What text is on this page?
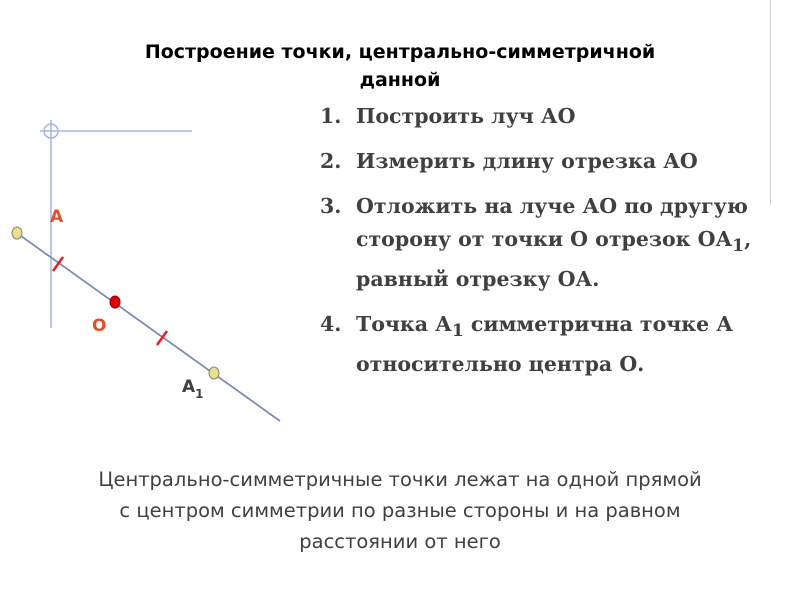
Построение точки, центрально-симметричной
данной
A
O
$A_1$
1. Построить луч АО
2. Измерить длину отрезка АО
3. Отложить на луче АО по другую сторону от точки О отрезок $ОА_1$, равный отрезку ОА.
4. Точка $А_1$ симметрична точке А относительно центра О.
Центрально-симметричные точки лежат на одной прямой
с центром симметрии по разные стороны и на равном
расстоянии от него
